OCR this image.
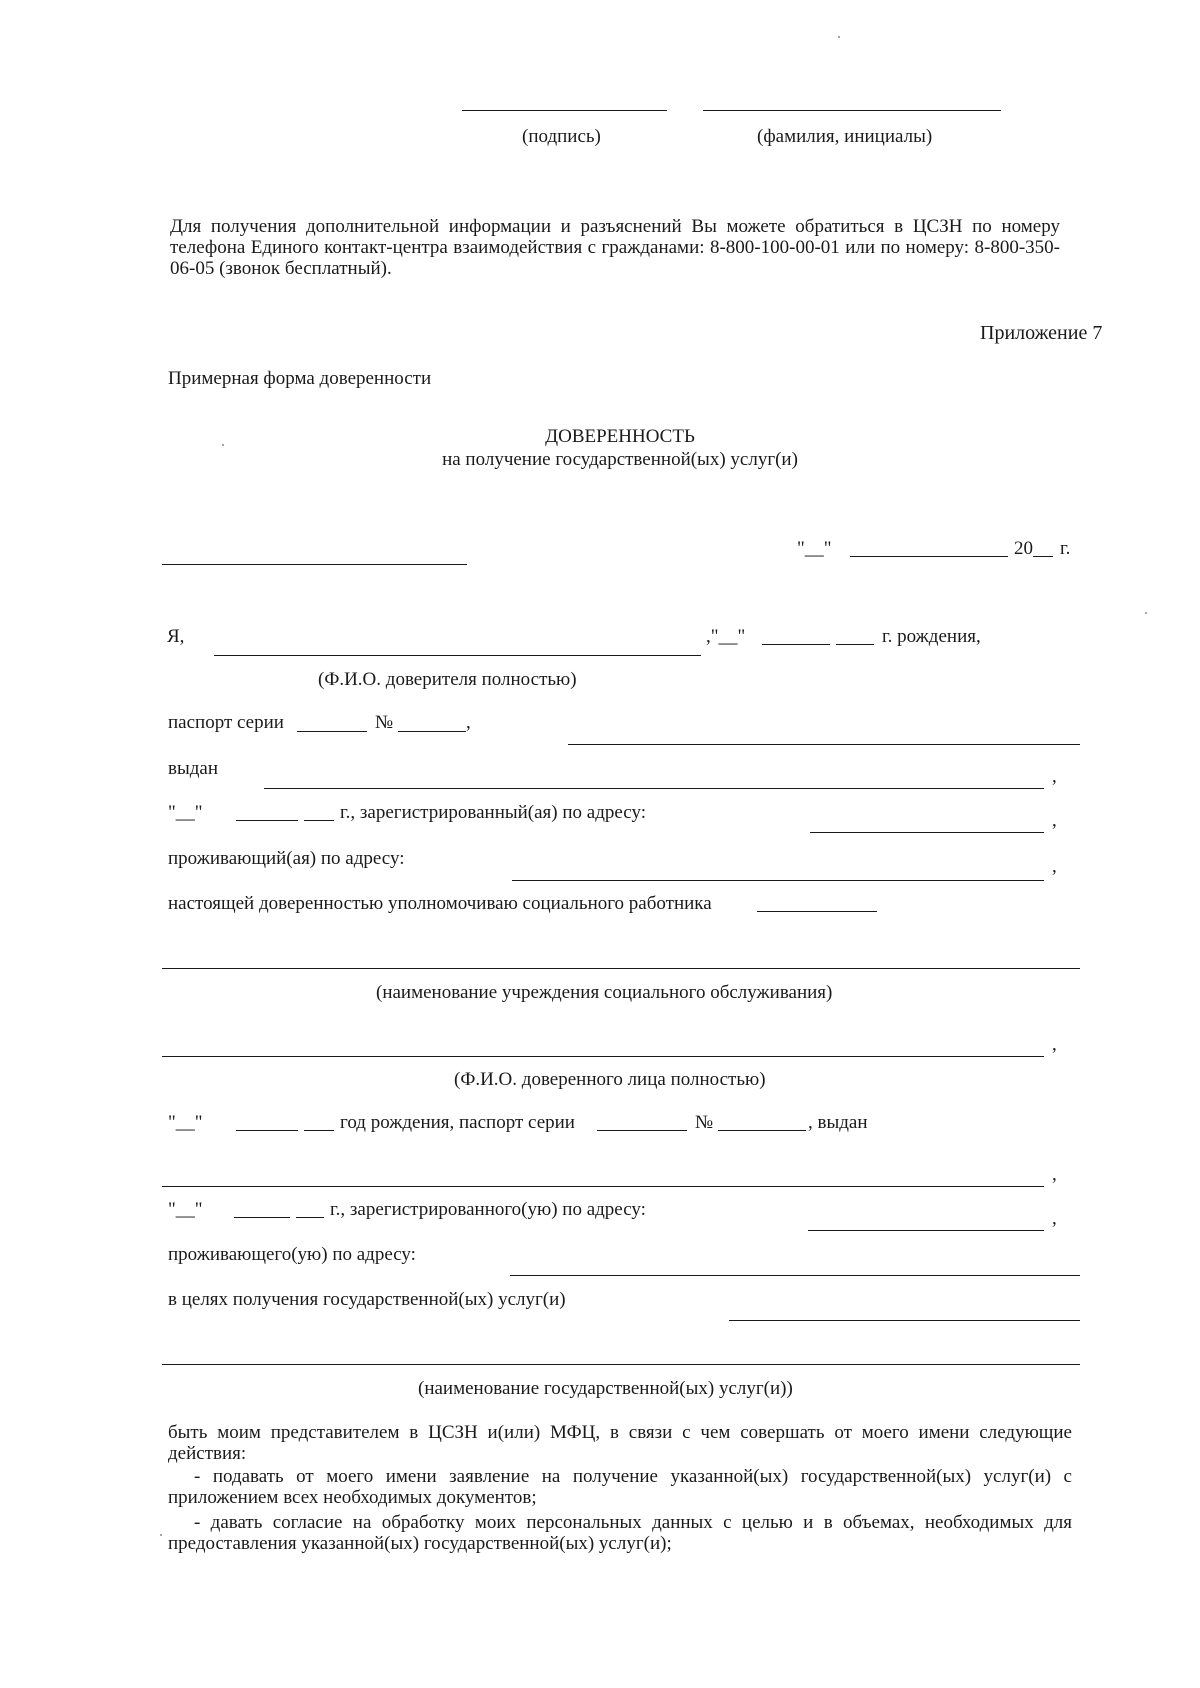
(подпись)	(фамилия, инициалы)
Для получения дополнительной информации и разъяснений Вы можете обратиться в ЦСЗН по номеру телефона Единого контакт-центра взаимодействия с гражданами: 8-800-100-00-01 или по номеру: 8-800-350-06-05 (звонок бесплатный).
Приложение 7
Примерная форма доверенности
ДОВЕРЕННОСТЬ
на получение государственной(ых) услуг(и)
"__"	20 г.
Я,	,"__"	г. рождения,
(Ф.И.О. доверителя полностью)
паспорт серии	№	,
выдан	,
"__"	г., зарегистрированный(ая) по адресу:	,
проживающий(ая) по адресу:	,
настоящей доверенностью уполномочиваю социального работника
(наименование учреждения социального обслуживания)
,
(Ф.И.О. доверенного лица полностью)
"__"	год рождения, паспорт серии	№	, выдан
,
"__"	г., зарегистрированного(ую) по адресу:	,
проживающего(ую) по адресу:
в целях получения государственной(ых) услуг(и)
(наименование государственной(ых) услуг(и))
быть моим представителем в ЦСЗН и(или) МФЦ, в связи с чем совершать от моего имени следующие действия:
- подавать от моего имени заявление на получение указанной(ых) государственной(ых) услуг(и) с приложением всех необходимых документов;
- давать согласие на обработку моих персональных данных с целью и в объемах, необходимых для предоставления указанной(ых) государственной(ых) услуг(и);
